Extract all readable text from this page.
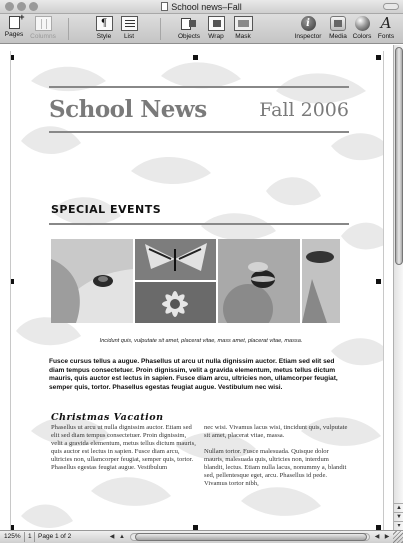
School news–Fall
+
Pages	Columns
¶
Style	List	Objects	Wrap	Mask
i
Inspector	Media Colors
A
Fonts
School News	Fall 2006
SPECIAL EVENTS
Incidunt quis, vulputate sit amet, placerat vitae, mass amet, placerat vitae, massa.
Fusce cursus tellus a augue. Phasellus ut arcu ut nulla dignissim auctor. Etiam sed elit sed diam tempus consectetuer. Proin dignissim, velit a gravida elementum, metus tellus dictum mauris, quis auctor est lectus in sapien. Fusce diam arcu, ultricies non, ullamcorper feugiat, semper quis, tortor. Phasellus egestas feugiat augue. Vestibulum nec wisi.
Christmas Vacation
Phasellus ut arcu ut nulla dignissim auctor. Etiam sed elit sed diam tempus consectetuer. Proin dignissim, velit a gravida elementum, metus tellus dictum mauris, quis auctor est lectus in sapien. Fusce diam arcu, ultricies non, ullamcorper feugiat, semper quis, tortor. Phasellus egestas feugiat augue. Vestibulum
nec wisi. Vivamus lacus wisi, tincidunt quis, vulputate sit amet, placerat vitae, massa.
Nullam tortor. Fusce malesuada. Quisque dolor mauris, malesuada quis, ultricies non, interdum blandit, lectus. Etiam nulla lacus, nonummy a, blandit sed, pellentesque eget, arcu. Phasellus id pede. Vivamus tortor nibh,
▲
▼
▾
125% 1 Page 1 of 2	◀ ▲	◀ ▶
